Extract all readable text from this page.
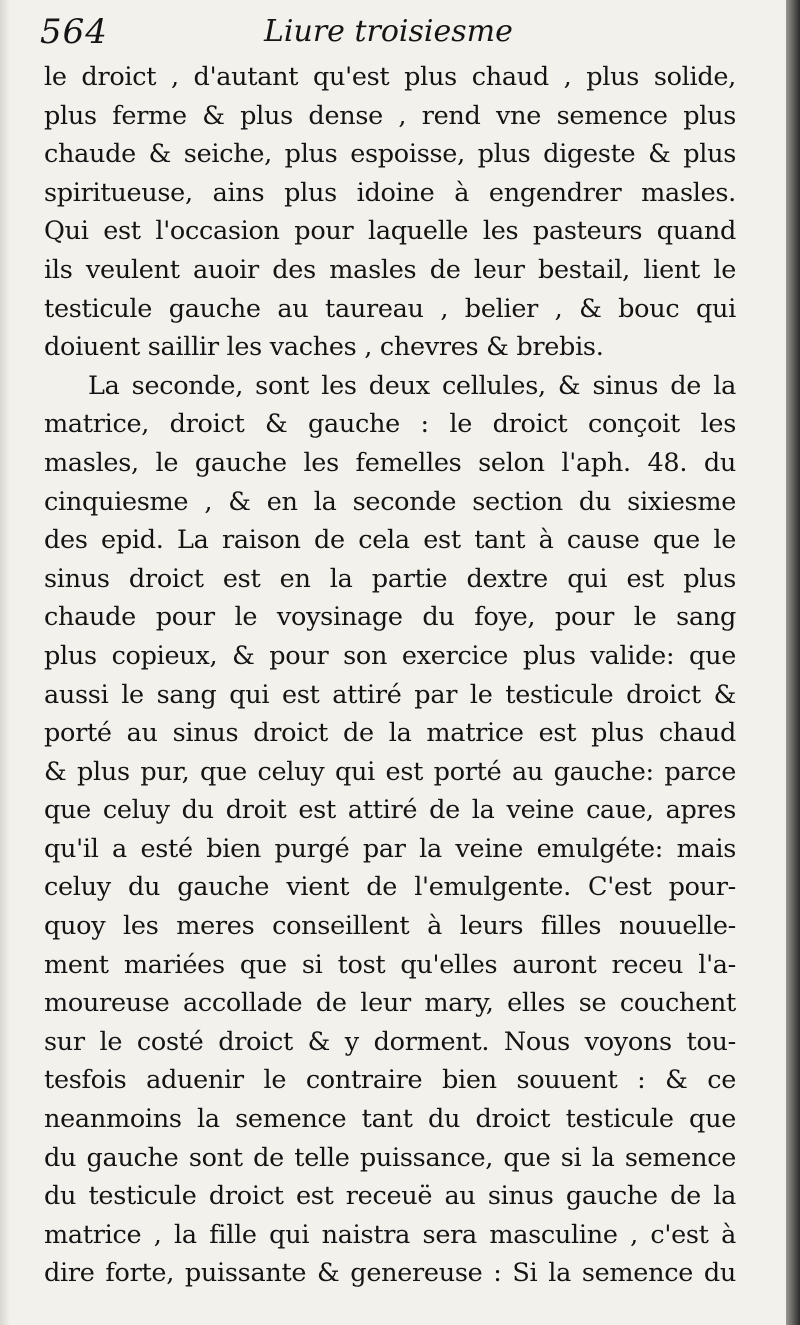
564	Liure troisiesme
le droict , d'autant qu'est plus chaud , plus solide,
plus ferme & plus dense , rend vne semence plus
chaude & seiche, plus espoisse, plus digeste & plus
spiritueuse, ains plus idoine à engendrer masles.
Qui est l'occasion pour laquelle les pasteurs quand
ils veulent auoir des masles de leur bestail, lient le
testicule gauche au taureau , belier , & bouc qui
doiuent saillir les vaches , chevres & brebis.
La seconde, sont les deux cellules, & sinus de la
matrice, droict & gauche : le droict conçoit les
masles, le gauche les femelles selon l'aph. 48. du
cinquiesme , & en la seconde section du sixiesme
des epid. La raison de cela est tant à cause que le
sinus droict est en la partie dextre qui est plus
chaude pour le voysinage du foye, pour le sang
plus copieux, & pour son exercice plus valide: que
aussi le sang qui est attiré par le testicule droict &
porté au sinus droict de la matrice est plus chaud
& plus pur, que celuy qui est porté au gauche: parce
que celuy du droit est attiré de la veine caue, apres
qu'il a esté bien purgé par la veine emulgéte: mais
celuy du gauche vient de l'emulgente. C'est pour-
quoy les meres conseillent à leurs filles nouuelle-
ment mariées que si tost qu'elles auront receu l'a-
moureuse accollade de leur mary, elles se couchent
sur le costé droict & y dorment. Nous voyons tou-
tesfois aduenir le contraire bien souuent : & ce
neanmoins la semence tant du droict testicule que
du gauche sont de telle puissance, que si la semence
du testicule droict est receuë au sinus gauche de la
matrice , la fille qui naistra sera masculine , c'est à
dire forte, puissante & genereuse : Si la semence du
